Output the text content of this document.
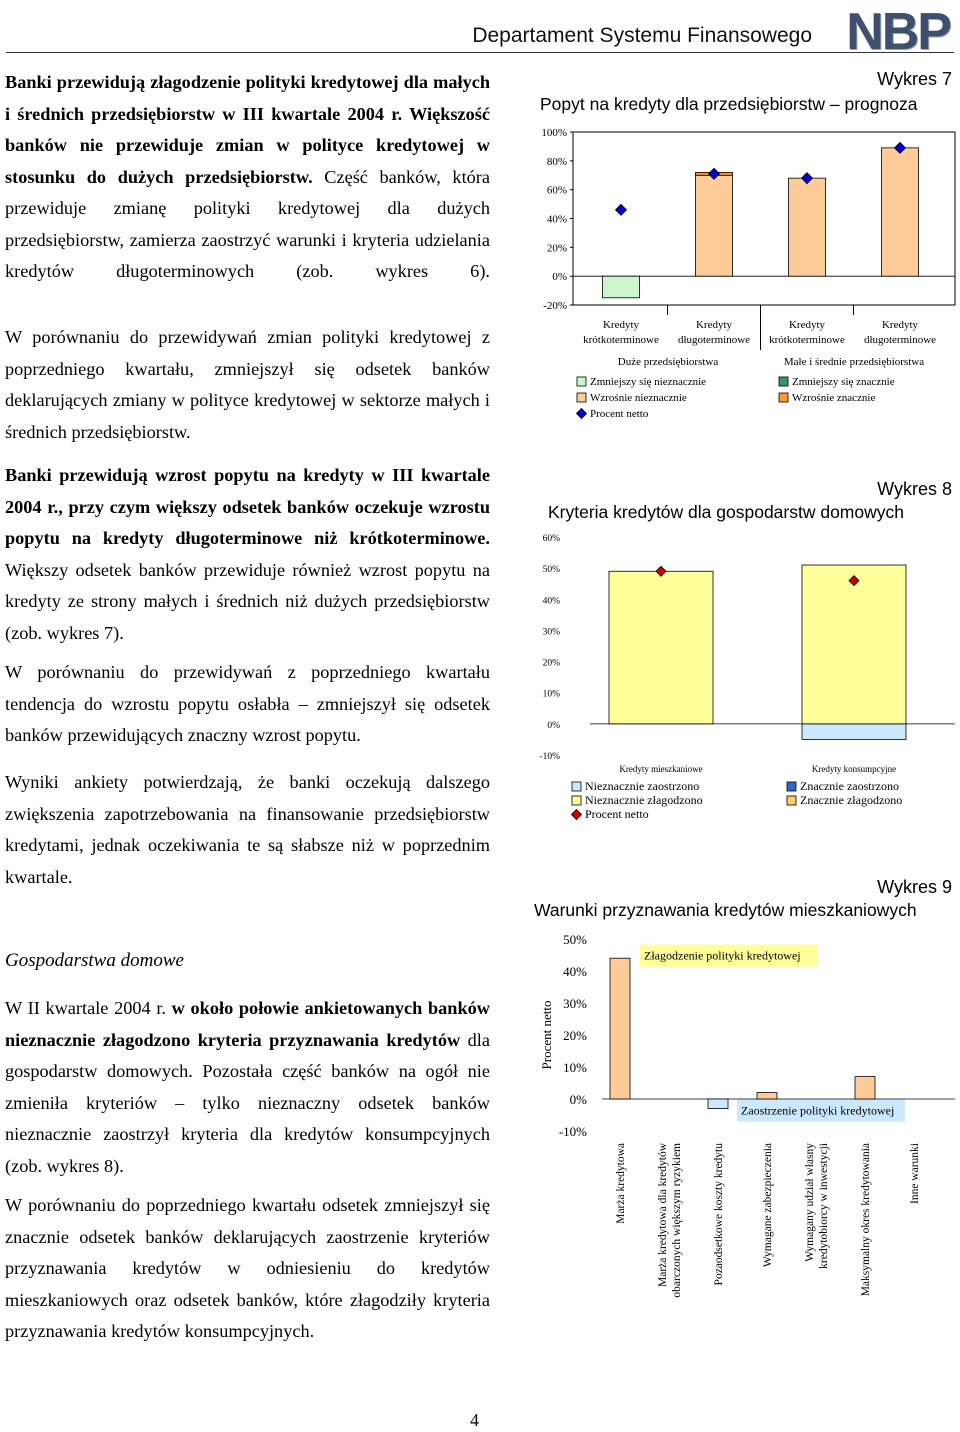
Departament Systemu Finansowego NBP

Banki przewidują złagodzenie polityki kredytowej dla małych i średnich przedsiębiorstw w III kwartale 2004 r. Większość banków nie przewiduje zmian w polityce kredytowej w stosunku do dużych przedsiębiorstw. Część banków, która przewiduje zmianę polityki kredytowej dla dużych przedsiębiorstw, zamierza zaostrzyć warunki i kryteria udzielania kredytów długoterminowych (zob. wykres 6).

W porównaniu do przewidywań zmian polityki kredytowej z poprzedniego kwartału, zmniejszył się odsetek banków deklarujących zmiany w polityce kredytowej w sektorze małych i średnich przedsiębiorstw.

Banki przewidują wzrost popytu na kredyty w III kwartale 2004 r., przy czym większy odsetek banków oczekuje wzrostu popytu na kredyty długoterminowe niż krótkoterminowe. Większy odsetek banków przewiduje również wzrost popytu na kredyty ze strony małych i średnich niż dużych przedsiębiorstw (zob. wykres 7).

W porównaniu do przewidywań z poprzedniego kwartału tendencja do wzrostu popytu osłabła – zmniejszył się odsetek banków przewidujących znaczny wzrost popytu.

Wyniki ankiety potwierdzają, że banki oczekują dalszego zwiększenia zapotrzebowania na finansowanie przedsiębiorstw kredytami, jednak oczekiwania te są słabsze niż w poprzednim kwartale.

Gospodarstwa domowe

W II kwartale 2004 r. w około połowie ankietowanych banków nieznacznie złagodzono kryteria przyznawania kredytów dla gospodarstw domowych. Pozostała część banków na ogół nie zmieniła kryteriów – tylko nieznaczny odsetek banków nieznacznie zaostrzył kryteria dla kredytów konsumpcyjnych (zob. wykres 8).

W porównaniu do poprzedniego kwartału odsetek zmniejszył się znacznie odsetek banków deklarujących zaostrzenie kryteriów przyznawania kredytów w odniesieniu do kredytów mieszkaniowych oraz odsetek banków, które złagodziły kryteria przyznawania kredytów konsumpcyjnych.

Wykres 7
Popyt na kredyty dla przedsiębiorstw – prognoza
100%
80%
60%
40%
20%
0%
-20%
Kredyty
krótkoterminowe
Kredyty
długoterminowe
Kredyty
krótkoterminowe
Kredyty
długoterminowe
Duże przedsiębiorstwa	Małe i średnie przedsiębiorstwa
Zmniejszy się nieznacznie
Wzrośnie nieznacznie
Procent netto
Zmniejszy się znacznie
Wzrośnie znacznie
Wykres 8
Kryteria kredytów dla gospodarstw domowych
60%
50%
40%
30%
20%
10%
0%
-10%
Kredyty mieszkaniowe	Kredyty konsumpcyjne
Nieznacznie zaostrzono
Nieznacznie złagodzono
Procent netto
Znacznie zaostrzono
Znacznie złagodzono
Wykres 9
Warunki przyznawania kredytów mieszkaniowych
50%
40%
30%
20%
10%
0%
-10%
Procent netto
Marża kredytowa	Marża kredytowa dla kredytów obarczonych większym ryzykiem	Pozaodsetkowe koszty kredytu	Wymagane zabezpieczenia	Wymagany udział własny kredytobiorcy w inwestycji	Maksymalny okres kredytowania	Inne warunki
Złagodzenie polityki kredytowej
Zaostrzenie polityki kredytowej
4
